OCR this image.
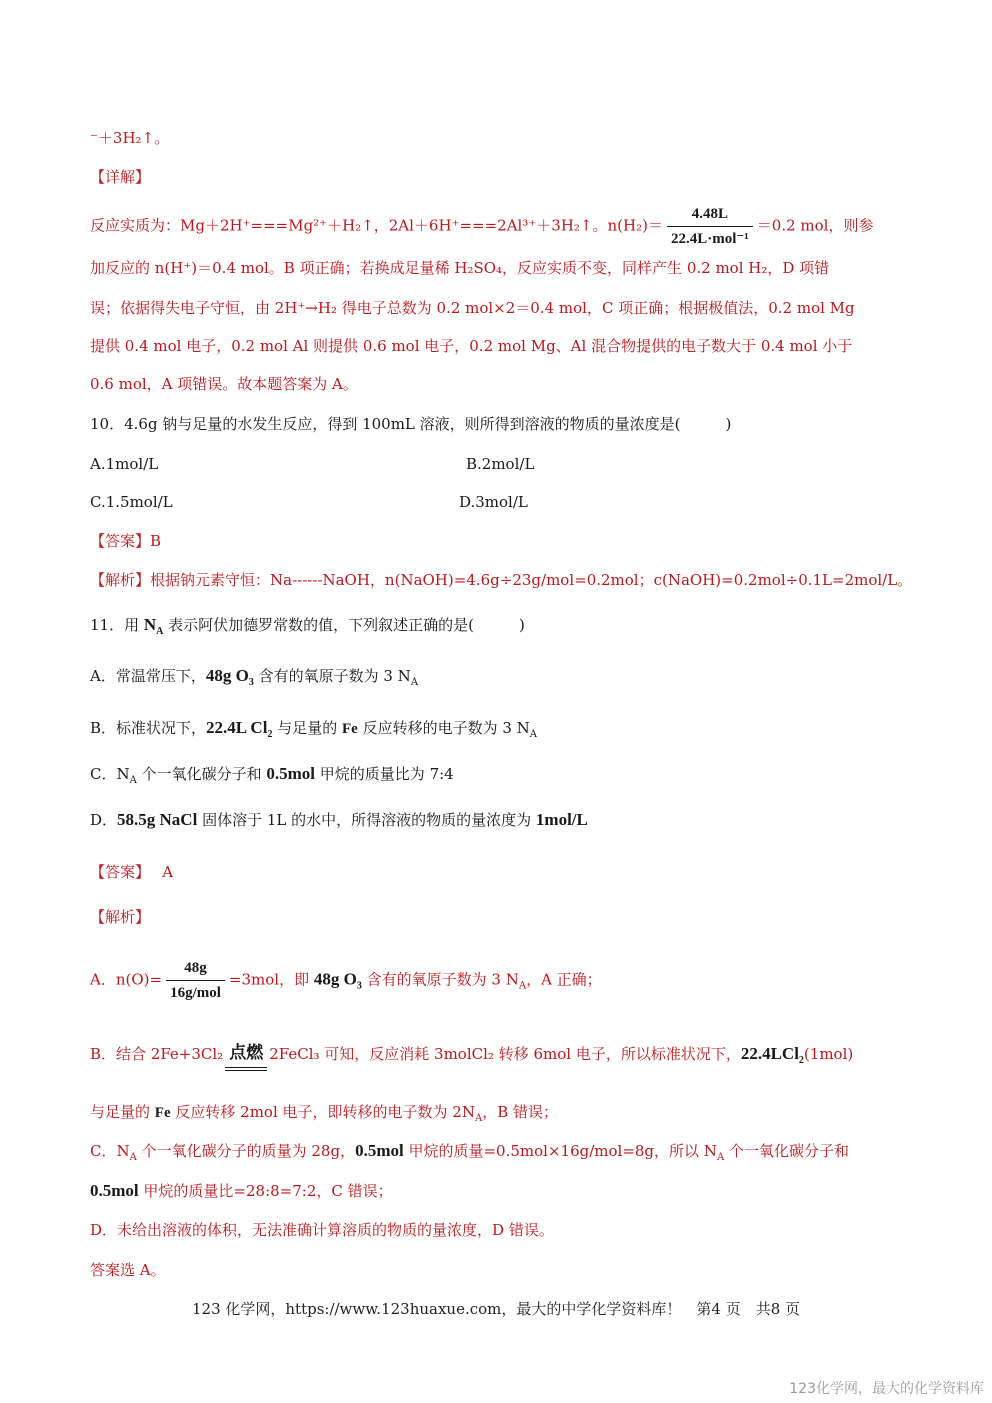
⁻＋3H₂↑。
【详解】
反应实质为：Mg＋2H⁺===Mg²⁺＋H₂↑，2Al＋6H⁺===2Al³⁺＋3H₂↑。$n(H_2)= \frac{4.48L}{\text{22.4L·mol⁻¹}} =0.2$ mol，则参
加反应的 n(H⁺)＝0.4 mol。B 项正确；若换成足量稀 H₂SO₄，反应实质不变，同样产生 0.2 mol H₂，D 项错
误；依据得失电子守恒，由 2H⁺→H₂ 得电子总数为 0.2 mol×2＝0.4 mol，C 项正确；根据极值法，0.2 mol Mg
提供 0.4 mol 电子，0.2 mol Al 则提供 0.6 mol 电子，0.2 mol Mg、Al 混合物提供的电子数大于 0.4 mol 小于
0.6 mol，A 项错误。故本题答案为 A。
10．4.6g 钠与足量的水发生反应，得到 100mL 溶液，则所得到溶液的物质的量浓度是(　　　)
A.1mol/L	B.2mol/L
C.1.5mol/L	D.3mol/L
【答案】B
【解析】根据钠元素守恒：Na------NaOH，n(NaOH)=4.6g÷23g/mol=0.2mol；c(NaOH)=0.2mol÷0.1L=2mol/L。
11．用 $N_A$ 表示阿伏加德罗常数的值，下列叙述正确的是(　　　)
A．常温常压下，48g $O_3$ 含有的氧原子数为 3 $N_A$
B．标准状况下，22.4L $Cl_2$ 与足量的 Fe 反应转移的电子数为 3 $N_A$
C．$N_A$ 个一氧化碳分子和 0.5mol 甲烷的质量比为 7:4
D．58.5g NaCl 固体溶于 1L 的水中，所得溶液的物质的量浓度为 1mol/L
【答案】　 A
【解析】
A．$n(O)= \frac{48g}{\text{16g/mol}} =3mol$，即 48g $O_3$ 含有的氧原子数为 3 $N_A$，A 正确；
B．结合 2Fe+3Cl₂ 点燃 2FeCl₃ 可知，反应消耗 3molCl₂ 转移 6mol 电子，所以标准状况下，22.4LCl$_2$(1mol)
与足量的 Fe 反应转移 2mol 电子，即转移的电子数为 $2N_A$，B 错误；
C．$N_A$ 个一氧化碳分子的质量为 28g，0.5mol 甲烷的质量=0.5mol×16g/mol=8g，所以 $N_A$ 个一氧化碳分子和
0.5mol 甲烷的质量比=28:8=7:2，C 错误；
D．未给出溶液的体积，无法准确计算溶质的物质的量浓度，D 错误。
答案选 A。
123 化学网，https://www.123huaxue.com，最大的中学化学资料库！　第4 页　共8 页
123化学网，最大的化学资料库
